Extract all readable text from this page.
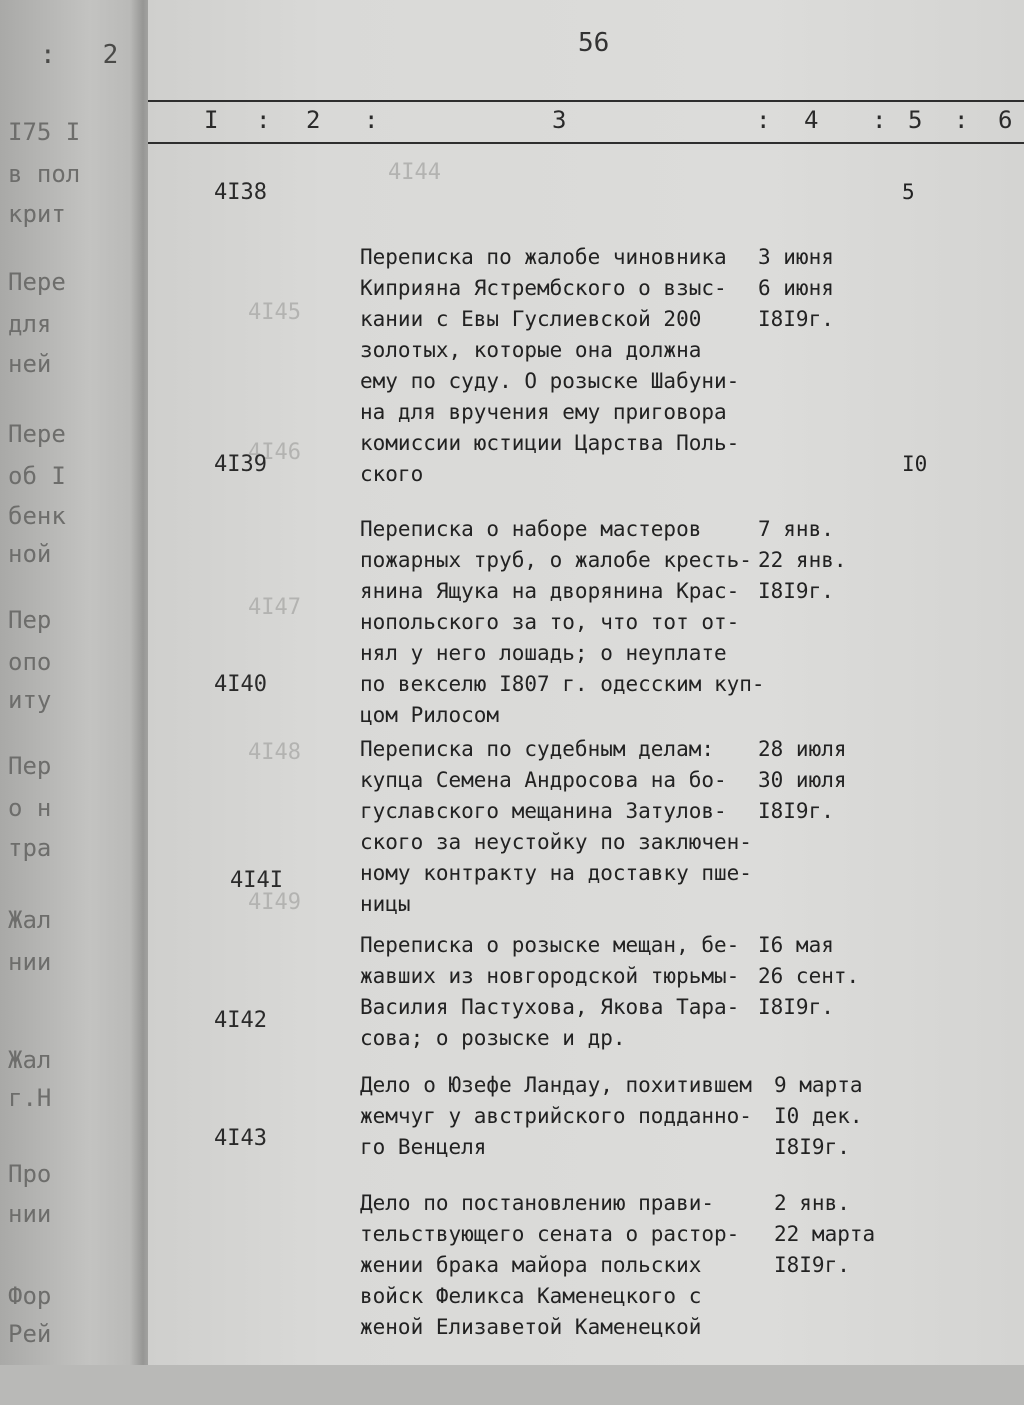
:   2
I75 I
в пол
крит
Пере
для
ней
Пере
об I
бенк
ной
Пер
опо
иту
Пер
о н
тра
Жал
нии
Жал
г.Н
Про
нии
Фор
Рей
4I44
4I45
4I46
4I47
4I48
4I49
56
I : 2 :	3	: 4 : 5 : 6
4I38

Переписка по жалобе чиновника
Киприяна Ястрембского о взыс-
кании с Евы Гуслиевской 200
золотых, которые она должна
ему по суду. О розыске Шабуни-
на для вручения ему приговора
комиссии юстиции Царства Поль-
ского

3 июня
6 июня
I8I9г.

5
4I39

Переписка о наборе мастеров
пожарных труб, о жалобе кресть-
янина Ящука на дворянина Крас-
нопольского за то, что тот от-
нял у него лошадь; о неуплате
по векселю I807 г. одесским куп-
цом Рилосом

7 янв.
22 янв.
I8I9г.

I0
4I40

Переписка по судебным делам:
купца Семена Андросова на бо-
гуславского мещанина Затулов-
ского за неустойку по заключен-
ному контракту на доставку пше-
ницы

28 июля
30 июля
I8I9г.

4I4I

Переписка о розыске мещан, бе-
жавших из новгородской тюрьмы-
Василия Пастухова, Якова Тара-
сова; о розыске и др.

I6 мая
26 сент.
I8I9г.

4I42

Дело о Юзефе Ландау, похитившем
жемчуг у австрийского подданно-
го Венцеля

9 марта
I0 дек.
I8I9г.

4I43

Дело по постановлению прави-
тельствующего сената о растор-
жении брака майора польских
войск Феликса Каменецкого с
женой Елизаветой Каменецкой

2 янв.
22 марта
I8I9г.
